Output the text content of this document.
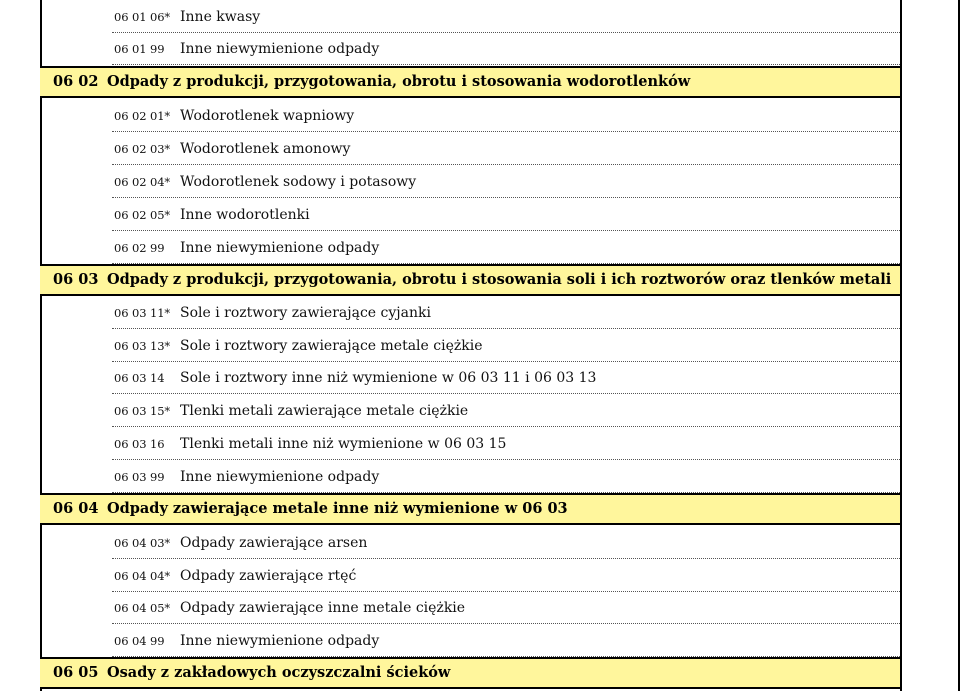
06 01 06* Inne kwasy
06 01 99 Inne niewymienione odpady
06 02 Odpady z produkcji, przygotowania, obrotu i stosowania wodorotlenków
06 02 01* Wodorotlenek wapniowy
06 02 03* Wodorotlenek amonowy
06 02 04* Wodorotlenek sodowy i potasowy
06 02 05* Inne wodorotlenki
06 02 99 Inne niewymienione odpady
06 03 Odpady z produkcji, przygotowania, obrotu i stosowania soli i ich roztworów oraz tlenków metali
06 03 11* Sole i roztwory zawierające cyjanki
06 03 13* Sole i roztwory zawierające metale ciężkie
06 03 14 Sole i roztwory inne niż wymienione w 06 03 11 i 06 03 13
06 03 15* Tlenki metali zawierające metale ciężkie
06 03 16 Tlenki metali inne niż wymienione w 06 03 15
06 03 99 Inne niewymienione odpady
06 04 Odpady zawierające metale inne niż wymienione w 06 03
06 04 03* Odpady zawierające arsen
06 04 04* Odpady zawierające rtęć
06 04 05* Odpady zawierające inne metale ciężkie
06 04 99 Inne niewymienione odpady
06 05 Osady z zakładowych oczyszczalni ścieków
